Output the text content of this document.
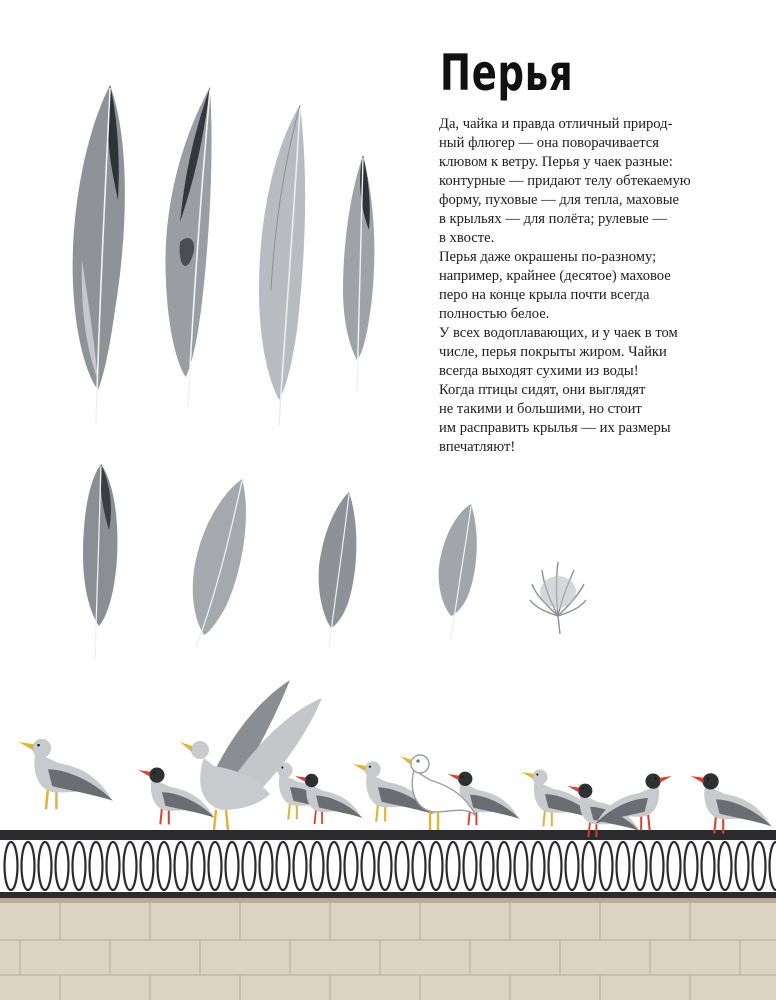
Перья
Да, чайка и правда отличный природ-
ный флюгер — она поворачивается
клювом к ветру. Перья у чаек разные:
контурные — придают телу обтекаемую
форму, пуховые — для тепла, маховые
в крыльях — для полёта; рулевые —
в хвосте.
Перья даже окрашены по-разному;
например, крайнее (десятое) маховое
перо на конце крыла почти всегда
полностью белое.
У всех водоплавающих, и у чаек в том
числе, перья покрыты жиром. Чайки
всегда выходят сухими из воды!
Когда птицы сидят, они выглядят
не такими и большими, но стоит
им расправить крылья — их размеры
впечатляют!
